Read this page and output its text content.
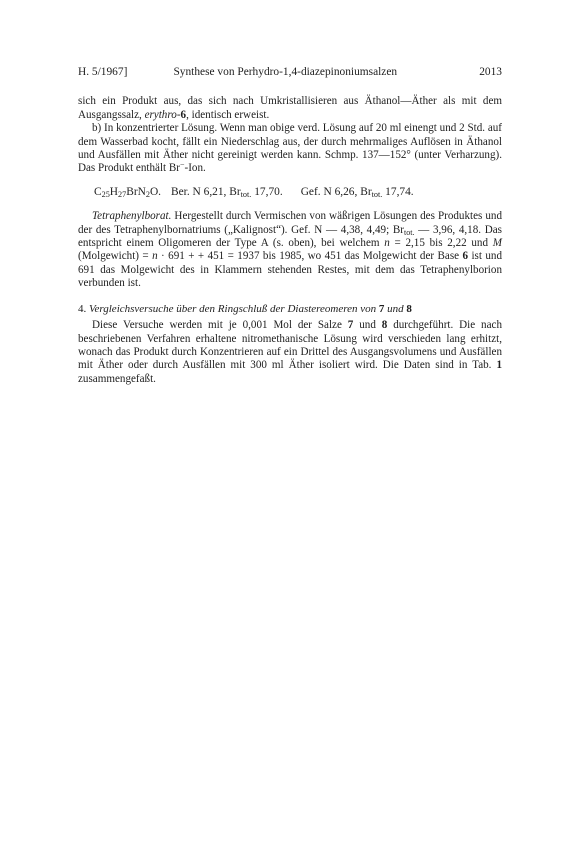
H. 5/1967]	Synthese von Perhydro-1,4-diazepinoniumsalzen	2013

sich ein Produkt aus, das sich nach Umkristallisieren aus Äthanol—Äther als mit dem Ausgangssalz, erythro-6, identisch erweist.

b) In konzentrierter Lösung. Wenn man obige verd. Lösung auf 20 ml einengt und 2 Std. auf dem Wasserbad kocht, fällt ein Niederschlag aus, der durch mehrmaliges Auflösen in Äthanol und Ausfällen mit Äther nicht gereinigt werden kann. Schmp. 137—152° (unter Verharzung). Das Produkt enthält Br−-Ion.

$C_{25}H_{27}BrN_2O$. Ber. N 6,21, $Br_{tot.}$ 17,70. Gef. N 6,26, $Br_{tot.}$ 17,74.

Tetraphenylborat. Hergestellt durch Vermischen von wäßrigen Lösungen des Produktes und der des Tetraphenylbornatriums („Kalignost“). Gef. N — 4,38, 4,49; $Br_{tot.}$ — 3,96, 4,18. Das entspricht einem Oligomeren der Type A (s. oben), bei welchem n = 2,15 bis 2,22 und M (Molgewicht) = n · 691 + + 451 = 1937 bis 1985, wo 451 das Molgewicht der Base 6 ist und 691 das Molgewicht des in Klammern stehenden Restes, mit dem das Tetraphenylborion verbunden ist.

4. Vergleichsversuche über den Ringschluß der Diastereomeren von 7 und 8

Diese Versuche werden mit je 0,001 Mol der Salze 7 und 8 durchgeführt. Die nach beschriebenen Verfahren erhaltene nitromethanische Lösung wird verschieden lang erhitzt, wonach das Produkt durch Konzentrieren auf ein Drittel des Ausgangsvolumens und Ausfällen mit Äther oder durch Ausfällen mit 300 ml Äther isoliert wird. Die Daten sind in Tab. 1 zusammengefaßt.
